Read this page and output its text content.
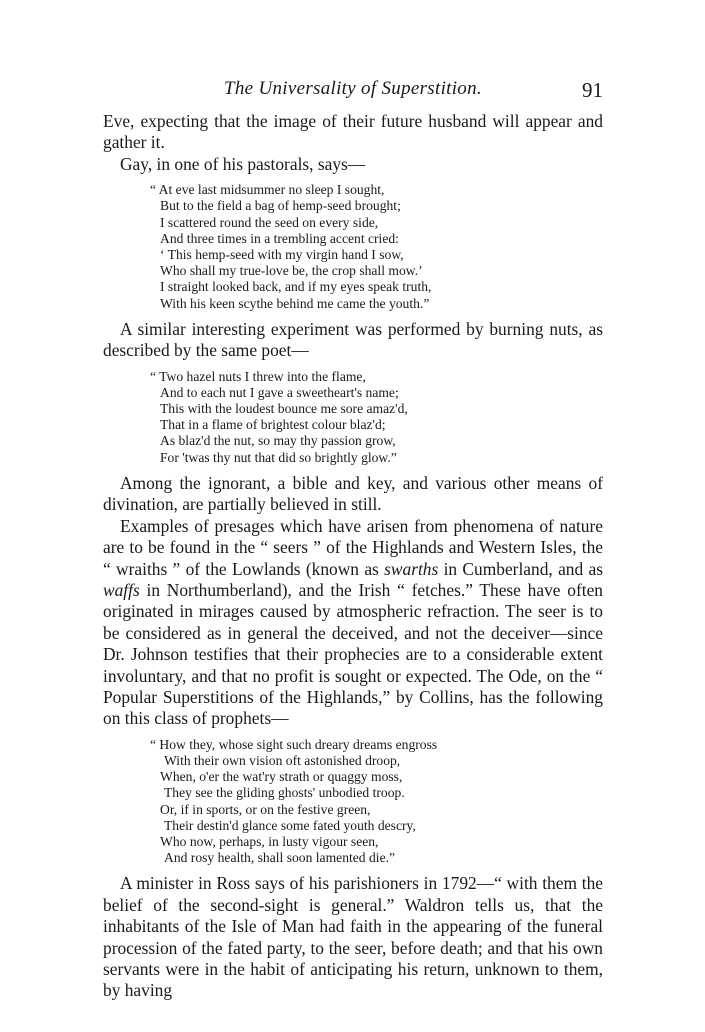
The Universality of Superstition.	91

Eve, expecting that the image of their future husband will appear and gather it.

Gay, in one of his pastorals, says—

“ At eve last midsummer no sleep I sought,
But to the field a bag of hemp-seed brought;
I scattered round the seed on every side,
And three times in a trembling accent cried:
‘ This hemp-seed with my virgin hand I sow,
Who shall my true-love be, the crop shall mow.’
I straight looked back, and if my eyes speak truth,
With his keen scythe behind me came the youth.”

A similar interesting experiment was performed by burning nuts, as described by the same poet—

“ Two hazel nuts I threw into the flame,
And to each nut I gave a sweetheart's name;
This with the loudest bounce me sore amaz'd,
That in a flame of brightest colour blaz'd;
As blaz'd the nut, so may thy passion grow,
For 'twas thy nut that did so brightly glow.”

Among the ignorant, a bible and key, and various other means of divination, are partially believed in still.

Examples of presages which have arisen from phenomena of nature are to be found in the “ seers ” of the Highlands and Western Isles, the “ wraiths ” of the Lowlands (known as swarths in Cumberland, and as waffs in Northumberland), and the Irish “ fetches.” These have often originated in mirages caused by atmospheric refraction. The seer is to be considered as in general the deceived, and not the deceiver—since Dr. Johnson testifies that their prophecies are to a considerable extent involuntary, and that no profit is sought or expected. The Ode, on the “ Popular Superstitions of the Highlands,” by Collins, has the following on this class of prophets—

“ How they, whose sight such dreary dreams engross
With their own vision oft astonished droop,
When, o'er the wat'ry strath or quaggy moss,
They see the gliding ghosts' unbodied troop.
Or, if in sports, or on the festive green,
Their destin'd glance some fated youth descry,
Who now, perhaps, in lusty vigour seen,
And rosy health, shall soon lamented die.”

A minister in Ross says of his parishioners in 1792—“ with them the belief of the second-sight is general.” Waldron tells us, that the inhabitants of the Isle of Man had faith in the appearing of the funeral procession of the fated party, to the seer, before death; and that his own servants were in the habit of anticipating his return, unknown to them, by having
